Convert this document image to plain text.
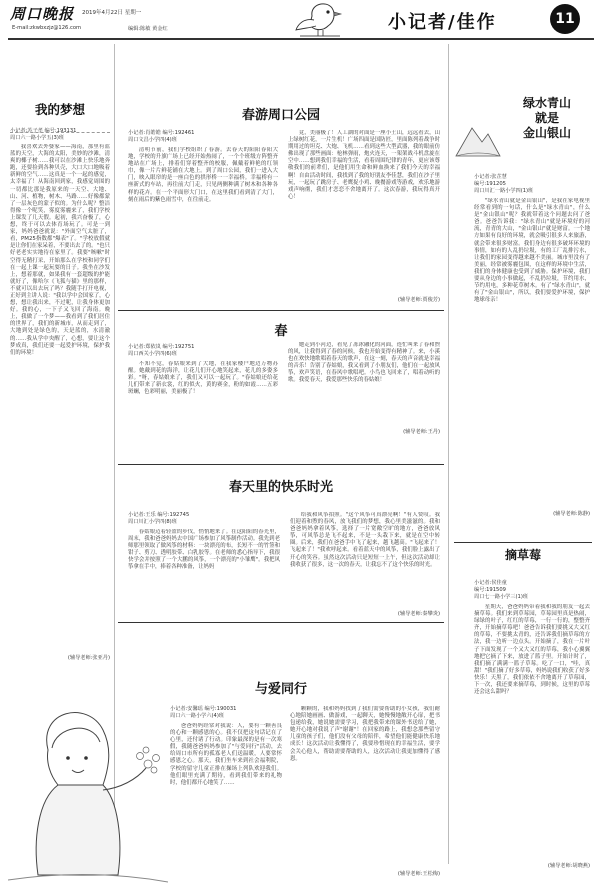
周口晚报 2019年4月22日 星期一
E-mail:zkwbxzjz@126.com	编辑:陈敏 黄金红	小记者/佳作	11
我的梦想
小记者:苏子孝 编号:193131
周口六一路小学五(3)班
我喜欢去外婆家——海南，那里有蓝蓝的天空，大海的太阳，美妙的沙滩，清爽的椰子树……我可以在沙滩上快乐地奔跑，还要捡到各种贝壳，大口大口地吸着新鲜的空气……这真是一个一起的感觉，太幸福了！从海南回到家，我感觉周围的一切都比那是我原来的一天空、大地、山、河、植物，树木、马路……好像都蒙了一层灰色的蒙子似的。为什么呢？整洁得像一个呢笑，雾度雾霾来了，我们学校上课发了几天假。起初，我兴奋极了，心想，终于可以去体育场玩了。可是一到家，妈妈爸爸就说："外面空气太脏了，看，PM25指数都"爆表"了。"学校放假就是让你们在家呆着，不要出去了的。"也只好老老实实地待在家里了。我要"咳嗽"时空得无精打采，开始那么在学校和同学们在一起上课一起玩耍的日子。我坐在沙发上，想着那就，如果我有一套超级的护能就好了，像哈尔《飞狐与猫》里的那样，不就可以出去玩了吗？我随手打开电视，正好到主讲人说："我以学中会国家了，心想，想让我出来，不过呢，让我身体更加好。我的心，一下子又飞回了海南。晚上，我做了一个梦——我看到了我们居住的世界了，我们的新城市，从而走到了，大地到处是绿色的，天是蓝的，水清澈的……我从学中央醒了，心想，要让这个梦成真，我们还要一起爱护环境，保护我们的环境！
(辅导老师:张亚丹)
春游周口公园
小记者:肖皓皓 编号:192461
周口文昌小学四(4)班
清明节前，我们学校组织了春游。去春天的阳阳春阳大地，学校的升旗广场上已经开始热闹了，一个个班级方阵整齐地站在广场上，排着们穿着整齐的校服，佩戴着鲜艳的红领巾，像一片片鲜花铺在大地上。到了周口公园，我们一进入大门，映入眼帘的是一座白色的拱形桥一一幸福桥。幸福桥有一座新式的车站，再往前大门走，只见两侧种满了树木和各种各样的花卉。在一个平面形大门口，在这里我们看到清了大门，刻在雨后的紫色雨雪中，在往前走。
竟，美丽极了！人工湖的对面是一座小土山，远远看去，山上绿树红花，一片生机！广场四面是国防匠，里面陈列着战争时期用过的坦克、大炮、飞机……看到这些大型武器，我的眼前仿佛出现了那些画面：枪林弹雨，炮火连天，一架架战斗机盘旋在空中……想到我们幸福的生活，看着周围纪律的青年，更应该尊敬我们的前辈们，是他们用生命和鲜血换来了我们今天的幸福啊！自由活动时间，我找到了我的好朋友李佳慧，我们在沙子里玩，一起玩了跳房子、老鹰捉小鸡、晚餐游戏等游戏，欢乐地游戏声响彻，我们才恋恋不舍地离开了。这次春游，我玩得真开心！
(辅导老师:贾俊芳)
春
小记者:郑依岚 编号:192751
周口西关小学四(6)班
不知不觉，春姑娘来到了大地，在我家楼户地边万物苏醒。她戴到花的海洋，让花儿们开心地笑起来，花儿的多姿多彩。"呀，春姑娘来了，我们又可以一起玩了。"春姑娘还给花儿们带来了新衣裳，红的似火，黄的赛金，粉的如霞……五彩斑斓，色彩明丽，美丽极了！
她走到小河边，看见了冻冰融化的河面，连忙叫来了春和煦的风，让我得到了春的问候，我也开始变得有精神了。来，小溪也在欢快地歌唱着春天的歌声，在这一刻，春天的声音就是幸福的音乐！告别了春姑娘，我又看到了小朋友们，他们在一起放风筝，欢声笑语，在春风中歌唱吧。小鸟也飞回来了，唱着动听的歌。我爱春天，我爱那些快乐的春姑娘！
(辅导老师:王丹)
春天里的快乐时光
小记者:王乐 编号:192745
周口川汇小学四(8)班
春姑娘迈着轻盈的步伐，悄悄地来了。在这阳阳的春光里，周末，我和爸爸妈妈去中国广场参加了风筝制作活动。我先到老师那里领取了做风筝的材料：一块漂亮的布，长短不一的竹签和钳子、剪刀、透明胶带、白乳胶等。在老师的悉心指导下，我很快学会并按照了一个大鹏的风筝，一个漂亮的"小雏鹰"。我把风筝拿在手中，捧着各种准备，让妈妈
给我和风筝拍照。"这个风筝可真漂亮啊！"有人赞叹。我们迎着和煦的春风，放飞我们的梦想，我心里美滋滋的。我和爸爸妈妈拿着风筝，选择了一片宽敞空旷的地方，爸爸放风筝，可风筝总是飞不起来，不是一头栽下来，就是在空中转圈。后来，我们在爸爸手中飞了起来，越飞越高。"飞起来了！飞起来了！"我欢呼起来。看着蓝天中的风筝，我们脸上露出了开心的笑容。虽然这次活动只是短短一上午，但这次活动却让我收获了很多，这一次的春天，让我忘不了这个快乐的时光。
(辅导老师:秦攀炎)
与爱同行
小记者:安馨瑶 编号:190031
周口六一路小学六(4)班
爸爸妈妈经常对我说：人，要有一颗善良的心和一颗感恩的心。我不仅把这句话记在了心里，还付诸了行动。印象最深的是有一次寒假，我随爸爸妈妈参加了"与爱同行"活动，去给周口市所有的孤寡老人们送温暖，人要常怀感恩之心。那天，我们坐车来到社会福利院，学校的留守儿童正排在操场上列队欢迎我们。他们眼里充满了期待，看到我们带来的礼物时，他们都开心地笑了……
颗颗的，我和妈妈找到了我们需要帮助的小女孩，我们耐心地陪她画画、做游戏，一起聊天，她慢慢地敞开心扉，把书包递给我，她说她需要学习，我把我带来的课外书送给了她，她开心地对我说了声"谢谢"！在回家的路上，我想念那些留守儿童的孩子们，他们没有父母的陪伴，希望他们能健康快乐地成长！这次活动让我懂得了，我要珍惜现在的幸福生活，要学会关心他人，帮助需要帮助的人，这次活动让我更加懂得了感恩。
(辅导老师:王松梅)
绿水青山
就是
金山银山
小记者:张芷慧
编号:191205
周口川汇一路小学四(1)班
"绿水青山就是金山银山"，是我在家电视里经常看到的一句话，什么是"绿水青山"，什么是"金山银山"呢？我就带着这个问题去问了爸爸。爸爸告诉我："绿水青山"就是环境好的河流，青青的大山，"金山银山"就是财富。一个地方如果有良好的环境，就会吸引很多人来旅游，就会带来很多财富。我们身边有很多破坏环境的事情，如有的人乱扔垃圾，有的工厂乱排污水，让我们的家园变得越来越不美丽。城市里没有了美丽，经常被雾霾包围，在这样的环境中生活，我们的身体健康也受到了威胁。保护环境，我们要从身边的小事做起，不乱扔垃圾，节约用水，节约用电，多种花草树木。有了"绿水青山"，就有了"金山银山"，所以，我们要爱护环境，保护地球母亲！
(辅导老师:陈静)
摘草莓
小记者:侯佳童
编号:191509
周口七一路小学三(1)班
星期天，爸爸妈妈带着我和我的朋友一起去摘草莓。我们来到草莓园，草莓园里真是热闹，绿绿的叶子，红红的草莓，一行一行的，整整齐齐，开始摘草莓吧！爸爸告诉我们要挑又大又红的草莓，不要挑太青的，还告诉我们摘草莓的方法，我一边听一边点头。开始摘了，我在一片叶子下面发现了一个又大又红的草莓，我小心翼翼地把它摘了下来，放进了篮子里。开始计时了，我们摘了满满一篮子草莓。吃了一口，"哇，真甜！"我们摘了好多草莓，妈妈说我们收获了好多快乐！天黑了，我们依依不舍地离开了草莓园，下一次，我还要来摘草莓，到时候，这里的草莓还会这么甜吗？
(辅导老师:胡晓燕)
